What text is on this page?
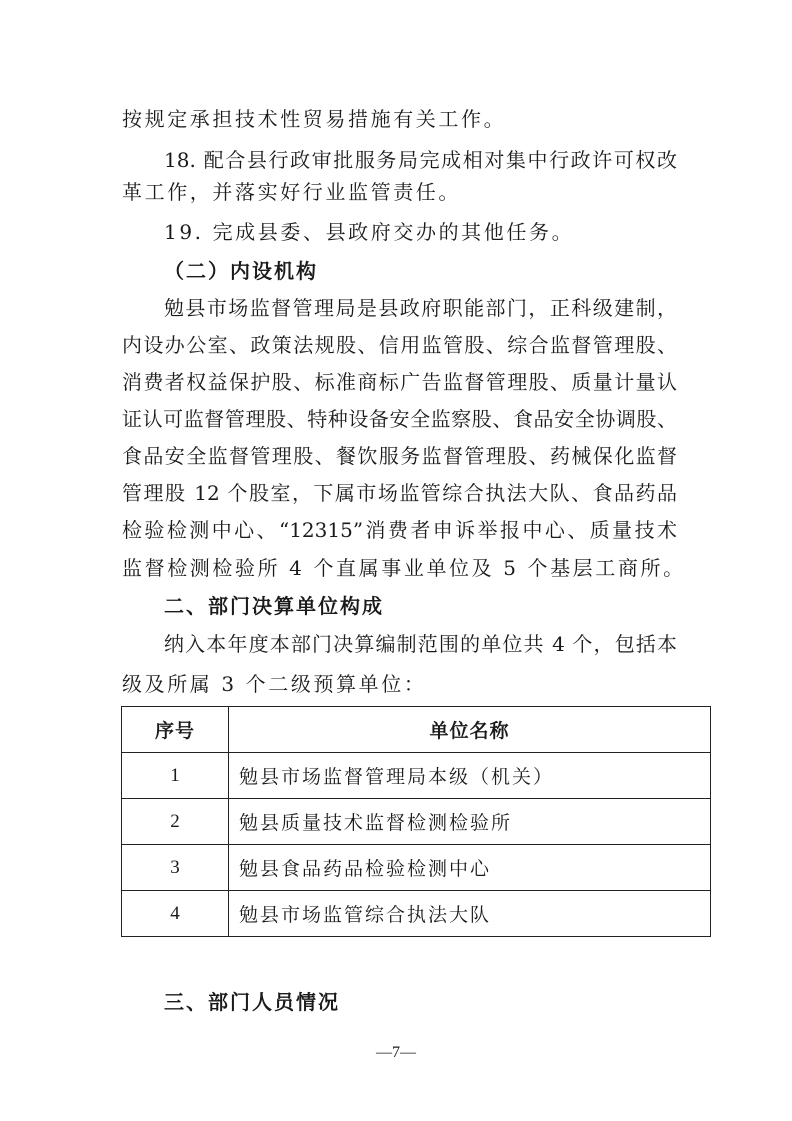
按规定承担技术性贸易措施有关工作。
18. 配合县行政审批服务局完成相对集中行政许可权改
革工作，并落实好行业监管责任。
19. 完成县委、县政府交办的其他任务。
（二）内设机构
勉县市场监督管理局是县政府职能部门，正科级建制，
内设办公室、政策法规股、信用监管股、综合监督管理股、
消费者权益保护股、标准商标广告监督管理股、质量计量认
证认可监督管理股、特种设备安全监察股、食品安全协调股、
食品安全监督管理股、餐饮服务监督管理股、药械保化监督
管理股 12 个股室，下属市场监管综合执法大队、食品药品
检验检测中心、“12315”消费者申诉举报中心、质量技术
监督检测检验所 4 个直属事业单位及 5 个基层工商所。
二、部门决算单位构成
纳入本年度本部门决算编制范围的单位共 4 个，包括本
级及所属 3 个二级预算单位：
序号	单位名称
1	勉县市场监督管理局本级（机关）
2	勉县质量技术监督检测检验所
3	勉县食品药品检验检测中心
4	勉县市场监管综合执法大队
三、部门人员情况
—7—
